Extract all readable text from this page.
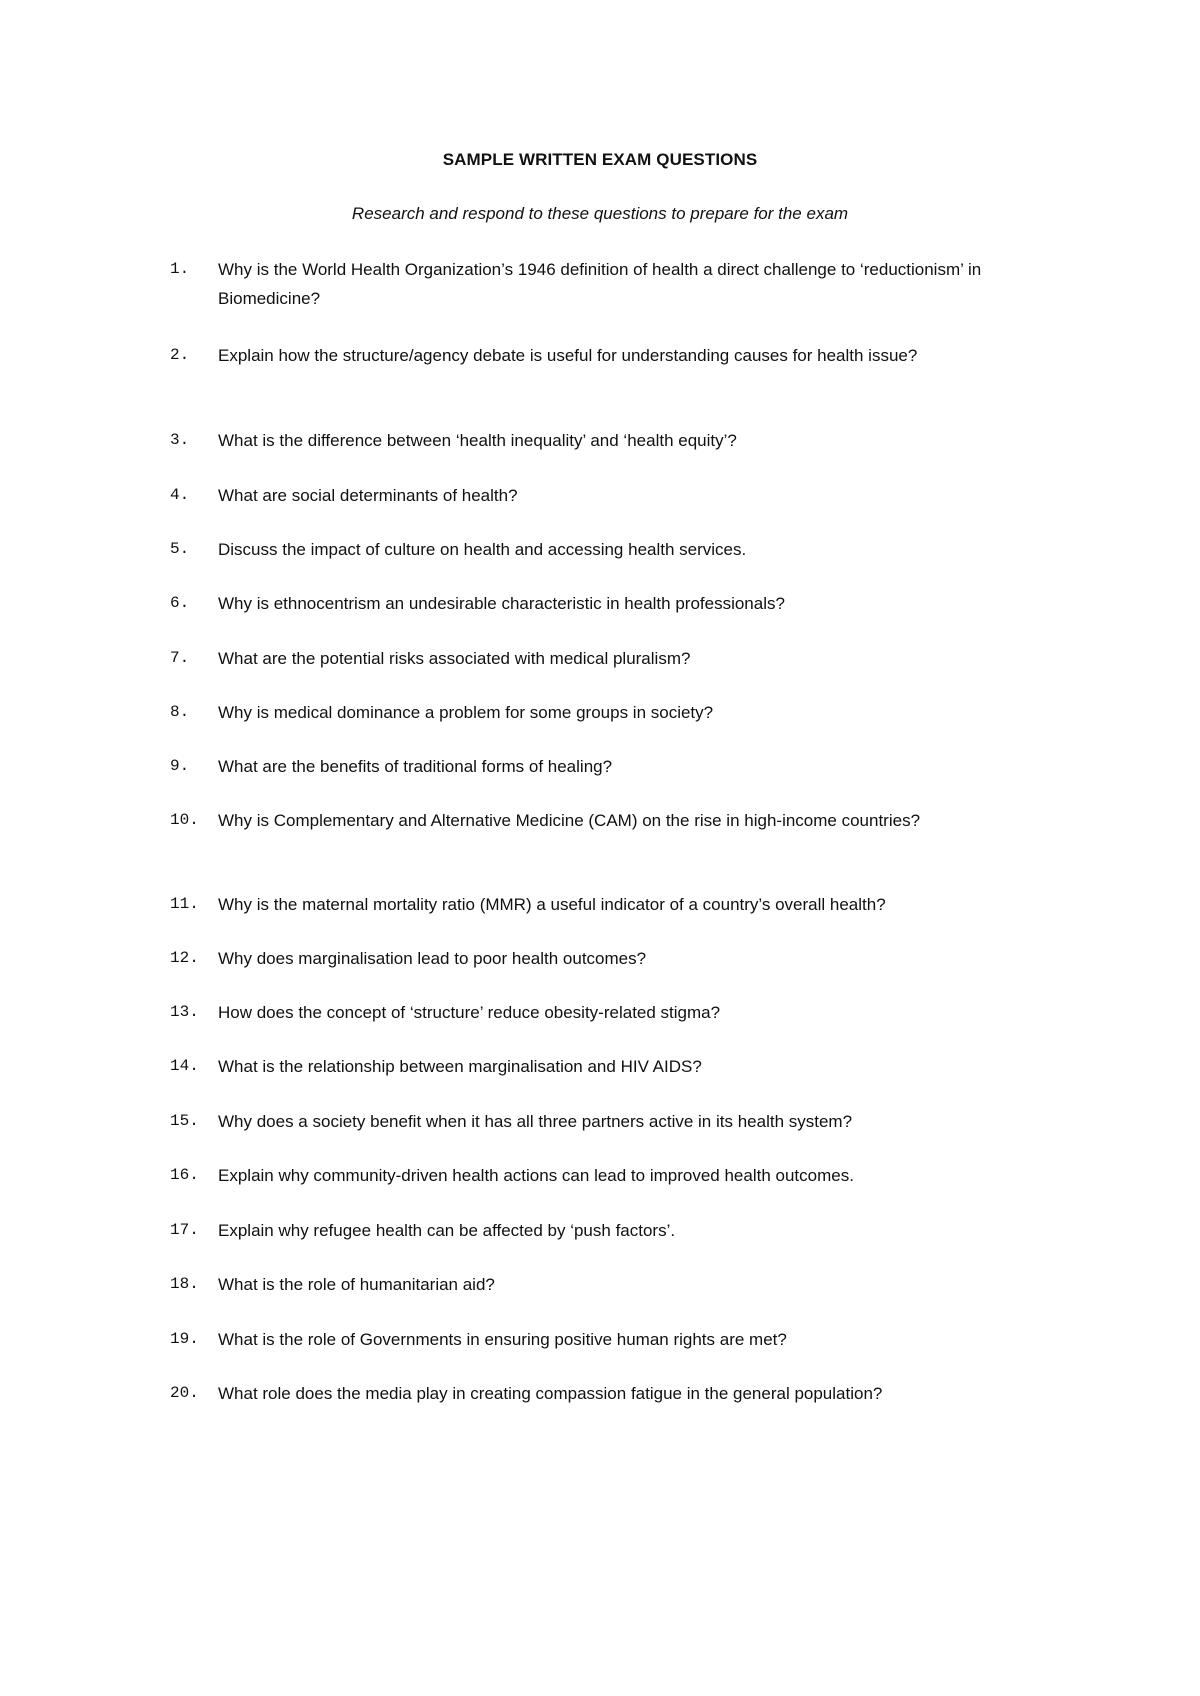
SAMPLE WRITTEN EXAM QUESTIONS
Research and respond to these questions to prepare for the exam
1.	Why is the World Health Organization’s 1946 definition of health a direct challenge to ‘reductionism’ in Biomedicine?
2.	Explain how the structure/agency debate is useful for understanding causes for health issue?
3.	What is the difference between ‘health inequality’ and ‘health equity’?
4.	What are social determinants of health?
5.	Discuss the impact of culture on health and accessing health services.
6.	Why is ethnocentrism an undesirable characteristic in health professionals?
7.	What are the potential risks associated with medical pluralism?
8.	Why is medical dominance a problem for some groups in society?
9.	What are the benefits of traditional forms of healing?
10.	Why is Complementary and Alternative Medicine (CAM) on the rise in high-income countries?
11.	Why is the maternal mortality ratio (MMR) a useful indicator of a country’s overall health?
12.	Why does marginalisation lead to poor health outcomes?
13.	How does the concept of ‘structure’ reduce obesity-related stigma?
14.	What is the relationship between marginalisation and HIV AIDS?
15.	Why does a society benefit when it has all three partners active in its health system?
16.	Explain why community-driven health actions can lead to improved health outcomes.
17.	Explain why refugee health can be affected by ‘push factors’.
18.	What is the role of humanitarian aid?
19.	What is the role of Governments in ensuring positive human rights are met?
20.	What role does the media play in creating compassion fatigue in the general population?
